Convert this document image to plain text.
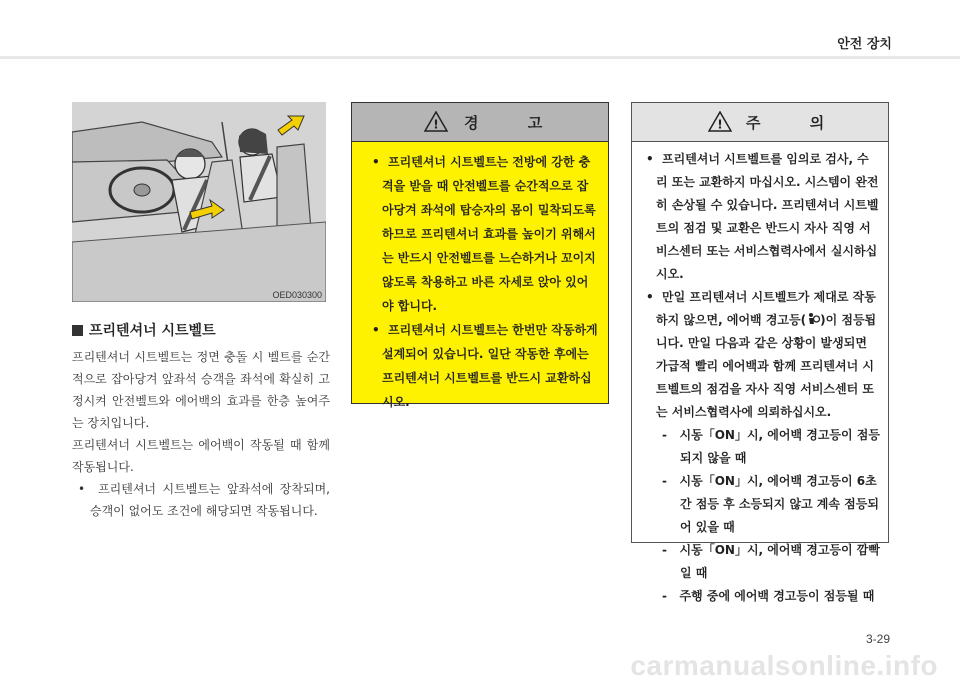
안전 장치
OED030300
프리텐셔너 시트벨트

프리텐셔너 시트벨트는 정면 충돌 시 벨트를 순간적으로 잡아당겨 앞좌석 승객을 좌석에 확실히 고정시켜 안전벨트와 에어백의 효과를 한층 높여주는 장치입니다.

프리텐셔너 시트벨트는 에어백이 작동될 때 함께 작동됩니다.

•  프리텐셔너 시트벨트는 앞좌석에 장착되며, 승객이 없어도 조건에 해당되면 작동됩니다.

! 경 고

•  프리텐셔너 시트벨트는 전방에 강한 충격을 받을 때 안전벨트를 순간적으로 잡아당겨 좌석에 탑승자의 몸이 밀착되도록 하므로 프리텐셔너 효과를 높이기 위해서는 반드시 안전벨트를 느슨하거나 꼬이지 않도록 착용하고 바른 자세로 앉아 있어야 합니다.

•  프리텐셔너 시트벨트는 한번만 작동하게 설계되어 있습니다. 일단 작동한 후에는 프리텐셔너 시트벨트를 반드시 교환하십시오.

! 주 의

•  프리텐셔너 시트벨트를 임의로 검사, 수리 또는 교환하지 마십시오. 시스템이 완전히 손상될 수 있습니다. 프리텐셔너 시트벨트의 점검 및 교환은 반드시 자사 직영 서비스센터 또는 서비스협력사에서 실시하십시오.

•  만일 프리텐셔너 시트벨트가 제대로 작동하지 않으면, 에어백 경고등( )이 점등됩니다. 만일 다음과 같은 상황이 발생되면 가급적 빨리 에어백과 함께 프리텐셔너 시트벨트의 점검을 자사 직영 서비스센터 또는 서비스협력사에 의뢰하십시오.

-   시동「ON」시, 에어백 경고등이 점등되지 않을 때

-   시동「ON」시, 에어백 경고등이 6초간 점등 후 소등되지 않고 계속 점등되어 있을 때

-   시동「ON」시, 에어백 경고등이 깜빡일 때

-   주행 중에 에어백 경고등이 점등될 때

3-29
carmanualsonline.info
